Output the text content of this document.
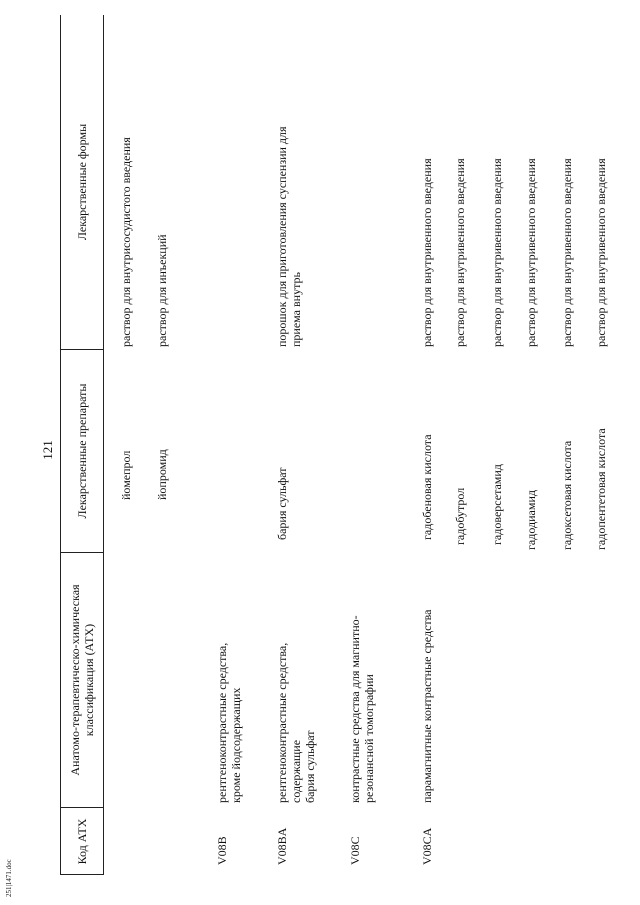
251|1471.doc
121
Код АТХ
Анатомо-терапевтическо-химическая классификация (АТХ)
Лекарственные препараты
Лекарственные формы
йомепрол
раствор для внутрисосудистого введения
йопромид
раствор для инъекций
V08B
рентгеноконтрастные средства, кроме йодсодержащих
V08BA
рентгеноконтрастные средства, содержащие бария сульфат
бария сульфат
порошок для приготовления суспензии для приема внутрь
V08C
контрастные средства для магнитно- резонансной томографии
V08CA
парамагнитные контрастные средства
гадобеновая кислота
раствор для внутривенного введения
гадобутрол
раствор для внутривенного введения
гадоверсетамид
раствор для внутривенного введения
гадодиамид
раствор для внутривенного введения
гадоксетовая кислота
раствор для внутривенного введения
гадопентетовая кислота
раствор для внутривенного введения
